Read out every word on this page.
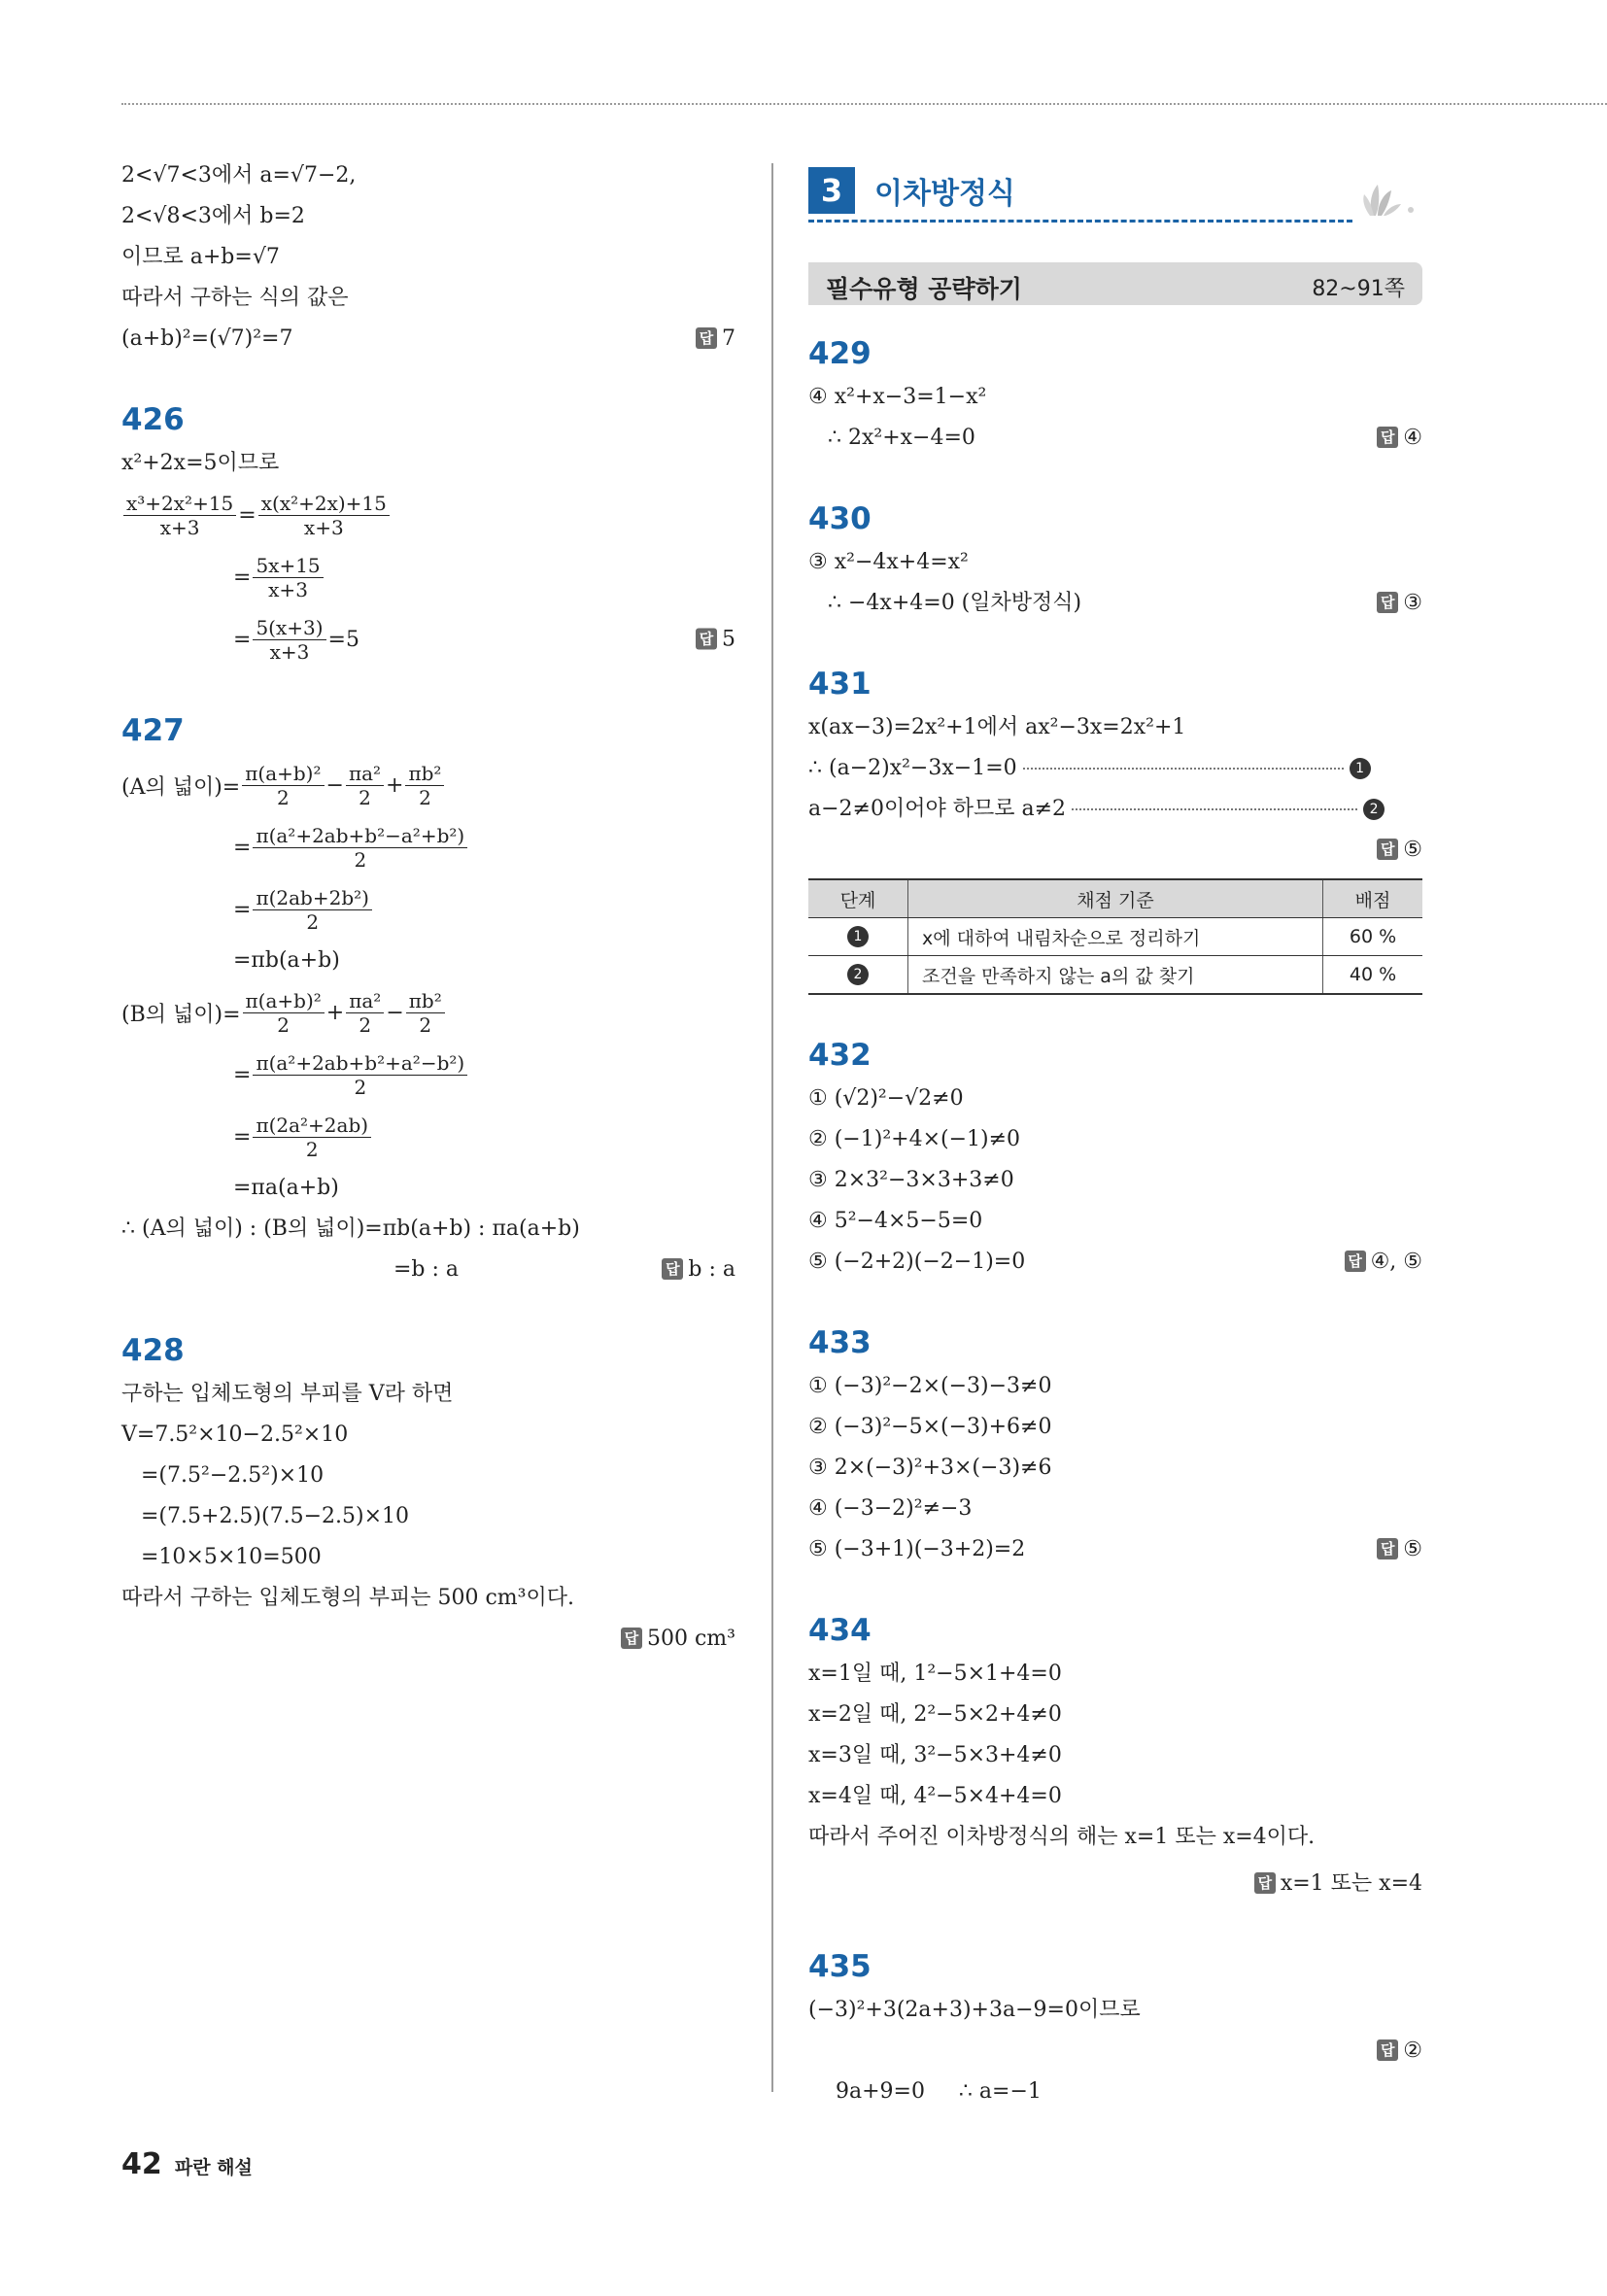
2<√7<3에서 a=√7−2,
2<√8<3에서 b=2
이므로 a+b=√7
따라서 구하는 식의 값은
(a+b)²=(√7)²=7	답 7
426
x²+2x=5이므로
$\frac{\text{x³+2x²+15}}{x+3} = \frac{\text{x(x²+2x)+15}}{x+3}$
= $\frac{5x+15}{x+3}$
= $\frac{5(x+3)}{x+3} =5$	답 5
427
(A의 넓이)= $\frac{\text{π(a+b)²}}{2} - \frac{\text{πa²}}{2} + \frac{\text{πb²}}{2}$
= $\frac{\text{π(a²+2ab+b²−a²+b²)}}{2}$
= $\frac{\text{π(2ab+2b²)}}{2}$
=πb(a+b)
(B의 넓이)= $\frac{\text{π(a+b)²}}{2} + \frac{\text{πa²}}{2} - \frac{\text{πb²}}{2}$
= $\frac{\text{π(a²+2ab+b²+a²−b²)}}{2}$
= $\frac{\text{π(2a²+2ab)}}{2}$
=πa(a+b)
∴ (A의 넓이) : (B의 넓이)=πb(a+b) : πa(a+b)
=b : a	답 b : a
428
구하는 입체도형의 부피를 V라 하면
V=7.5²×10−2.5²×10
=(7.5²−2.5²)×10
=(7.5+2.5)(7.5−2.5)×10
=10×5×10=500
따라서 구하는 입체도형의 부피는 500 cm³이다.
답 500 cm³
3	이차방정식
필수유형 공략하기	82~91쪽
429
④ x²+x−3=1−x²
∴ 2x²+x−4=0	답 ④
430
③ x²−4x+4=x²
∴ −4x+4=0 (일차방정식)	답 ③
431
x(ax−3)=2x²+1에서 ax²−3x=2x²+1
∴ (a−2)x²−3x−1=0	1
a−2≠0이어야 하므로 a≠2	2
답 ⑤
단계	채점 기준	배점
1	x에 대하여 내림차순으로 정리하기	60 %
2	조건을 만족하지 않는 a의 값 찾기	40 %
432
① (√2)²−√2≠0
② (−1)²+4×(−1)≠0
③ 2×3²−3×3+3≠0
④ 5²−4×5−5=0
⑤ (−2+2)(−2−1)=0	답 ④, ⑤
433
① (−3)²−2×(−3)−3≠0
② (−3)²−5×(−3)+6≠0
③ 2×(−3)²+3×(−3)≠6
④ (−3−2)²≠−3
⑤ (−3+1)(−3+2)=2	답 ⑤
434
x=1일 때, 1²−5×1+4=0
x=2일 때, 2²−5×2+4≠0
x=3일 때, 3²−5×3+4≠0
x=4일 때, 4²−5×4+4=0
따라서 주어진 이차방정식의 해는 x=1 또는 x=4이다.
답 x=1 또는 x=4
435
(−3)²+3(2a+3)+3a−9=0이므로

9a+9=0     ∴ a=−1

답 ②

42 파란 해설
